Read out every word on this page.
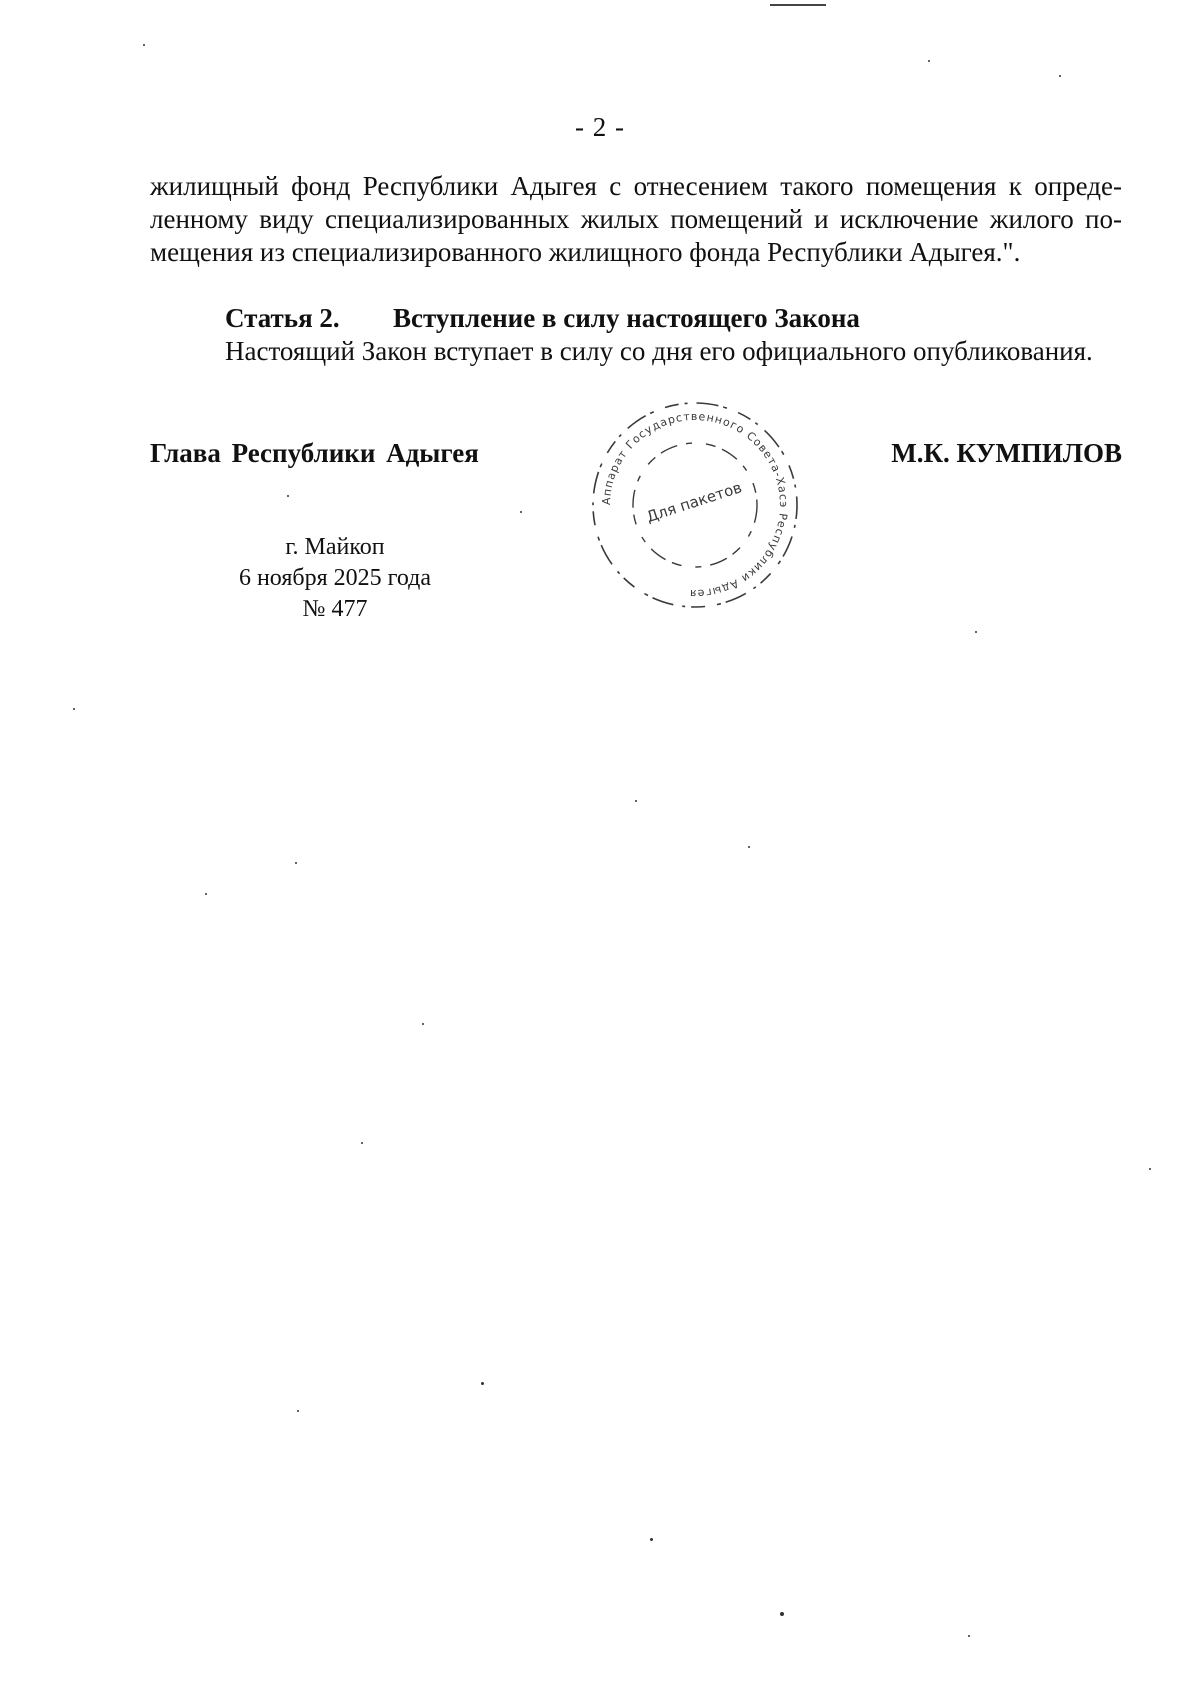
- 2 -
жилищный фонд Республики Адыгея с отнесением такого помещения к опреде-
ленному виду специализированных жилых помещений и исключение жилого по-
мещения из специализированного жилищного фонда Республики Адыгея.".
Статья 2. Вступление в силу настоящего Закона
Настоящий Закон вступает в силу со дня его официального опубликования.
Глава Республики Адыгея	М.К. КУМПИЛОВ
г. Майкоп
6 ноября 2025 года
№ 477
Аппарат Государственного Совета-Хасэ Республики Адыгея
Для пакетов
